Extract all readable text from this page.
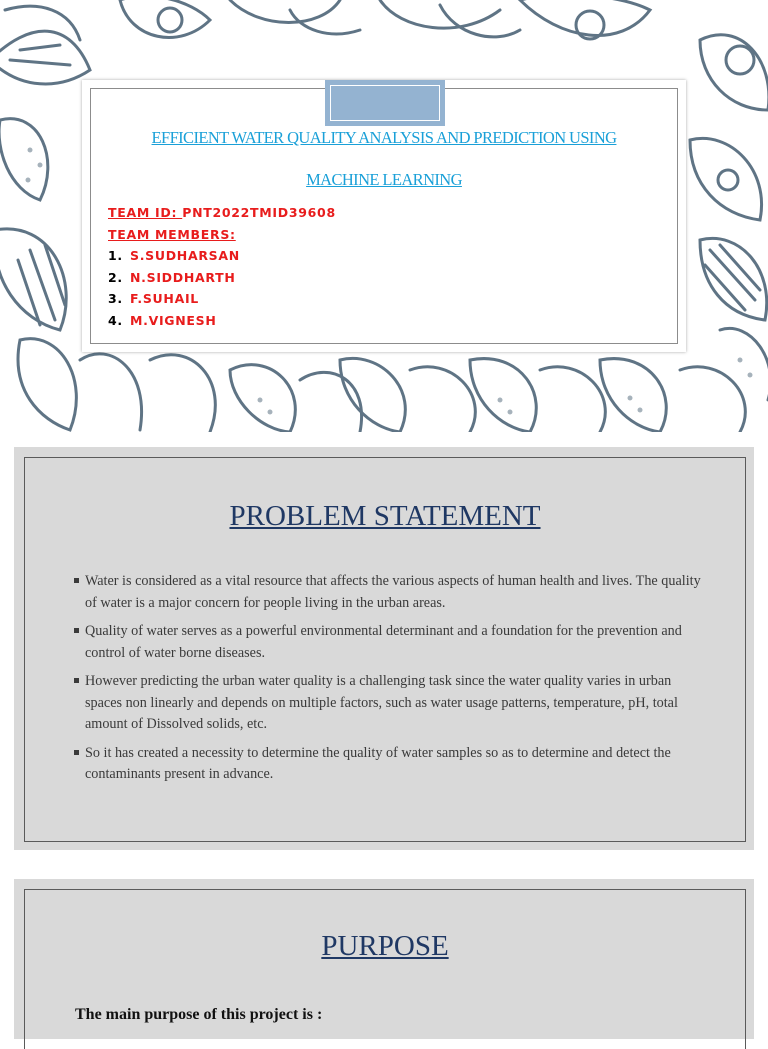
EFFICIENT WATER QUALITY ANALYSIS AND PREDICTION USING
MACHINE LEARNING
TEAM ID: PNT2022TMID39608
TEAM MEMBERS:
1. S.SUDHARSAN
2. N.SIDDHARTH
3. F.SUHAIL
4. M.VIGNESH
PROBLEM STATEMENT
Water is considered as a vital resource that affects the various aspects of human health and lives. The quality of water is a major concern for people living in the urban areas.
Quality of water serves as a powerful environmental determinant and a foundation for the prevention and control of water borne diseases.
However predicting the urban water quality is a challenging task since the water quality varies in urban spaces non linearly and depends on multiple factors, such as water usage patterns, temperature, pH, total amount of Dissolved solids, etc.
So it has created a necessity to determine the quality of water samples so as to determine and detect the contaminants present in advance.
PURPOSE
The main purpose of this project is :
